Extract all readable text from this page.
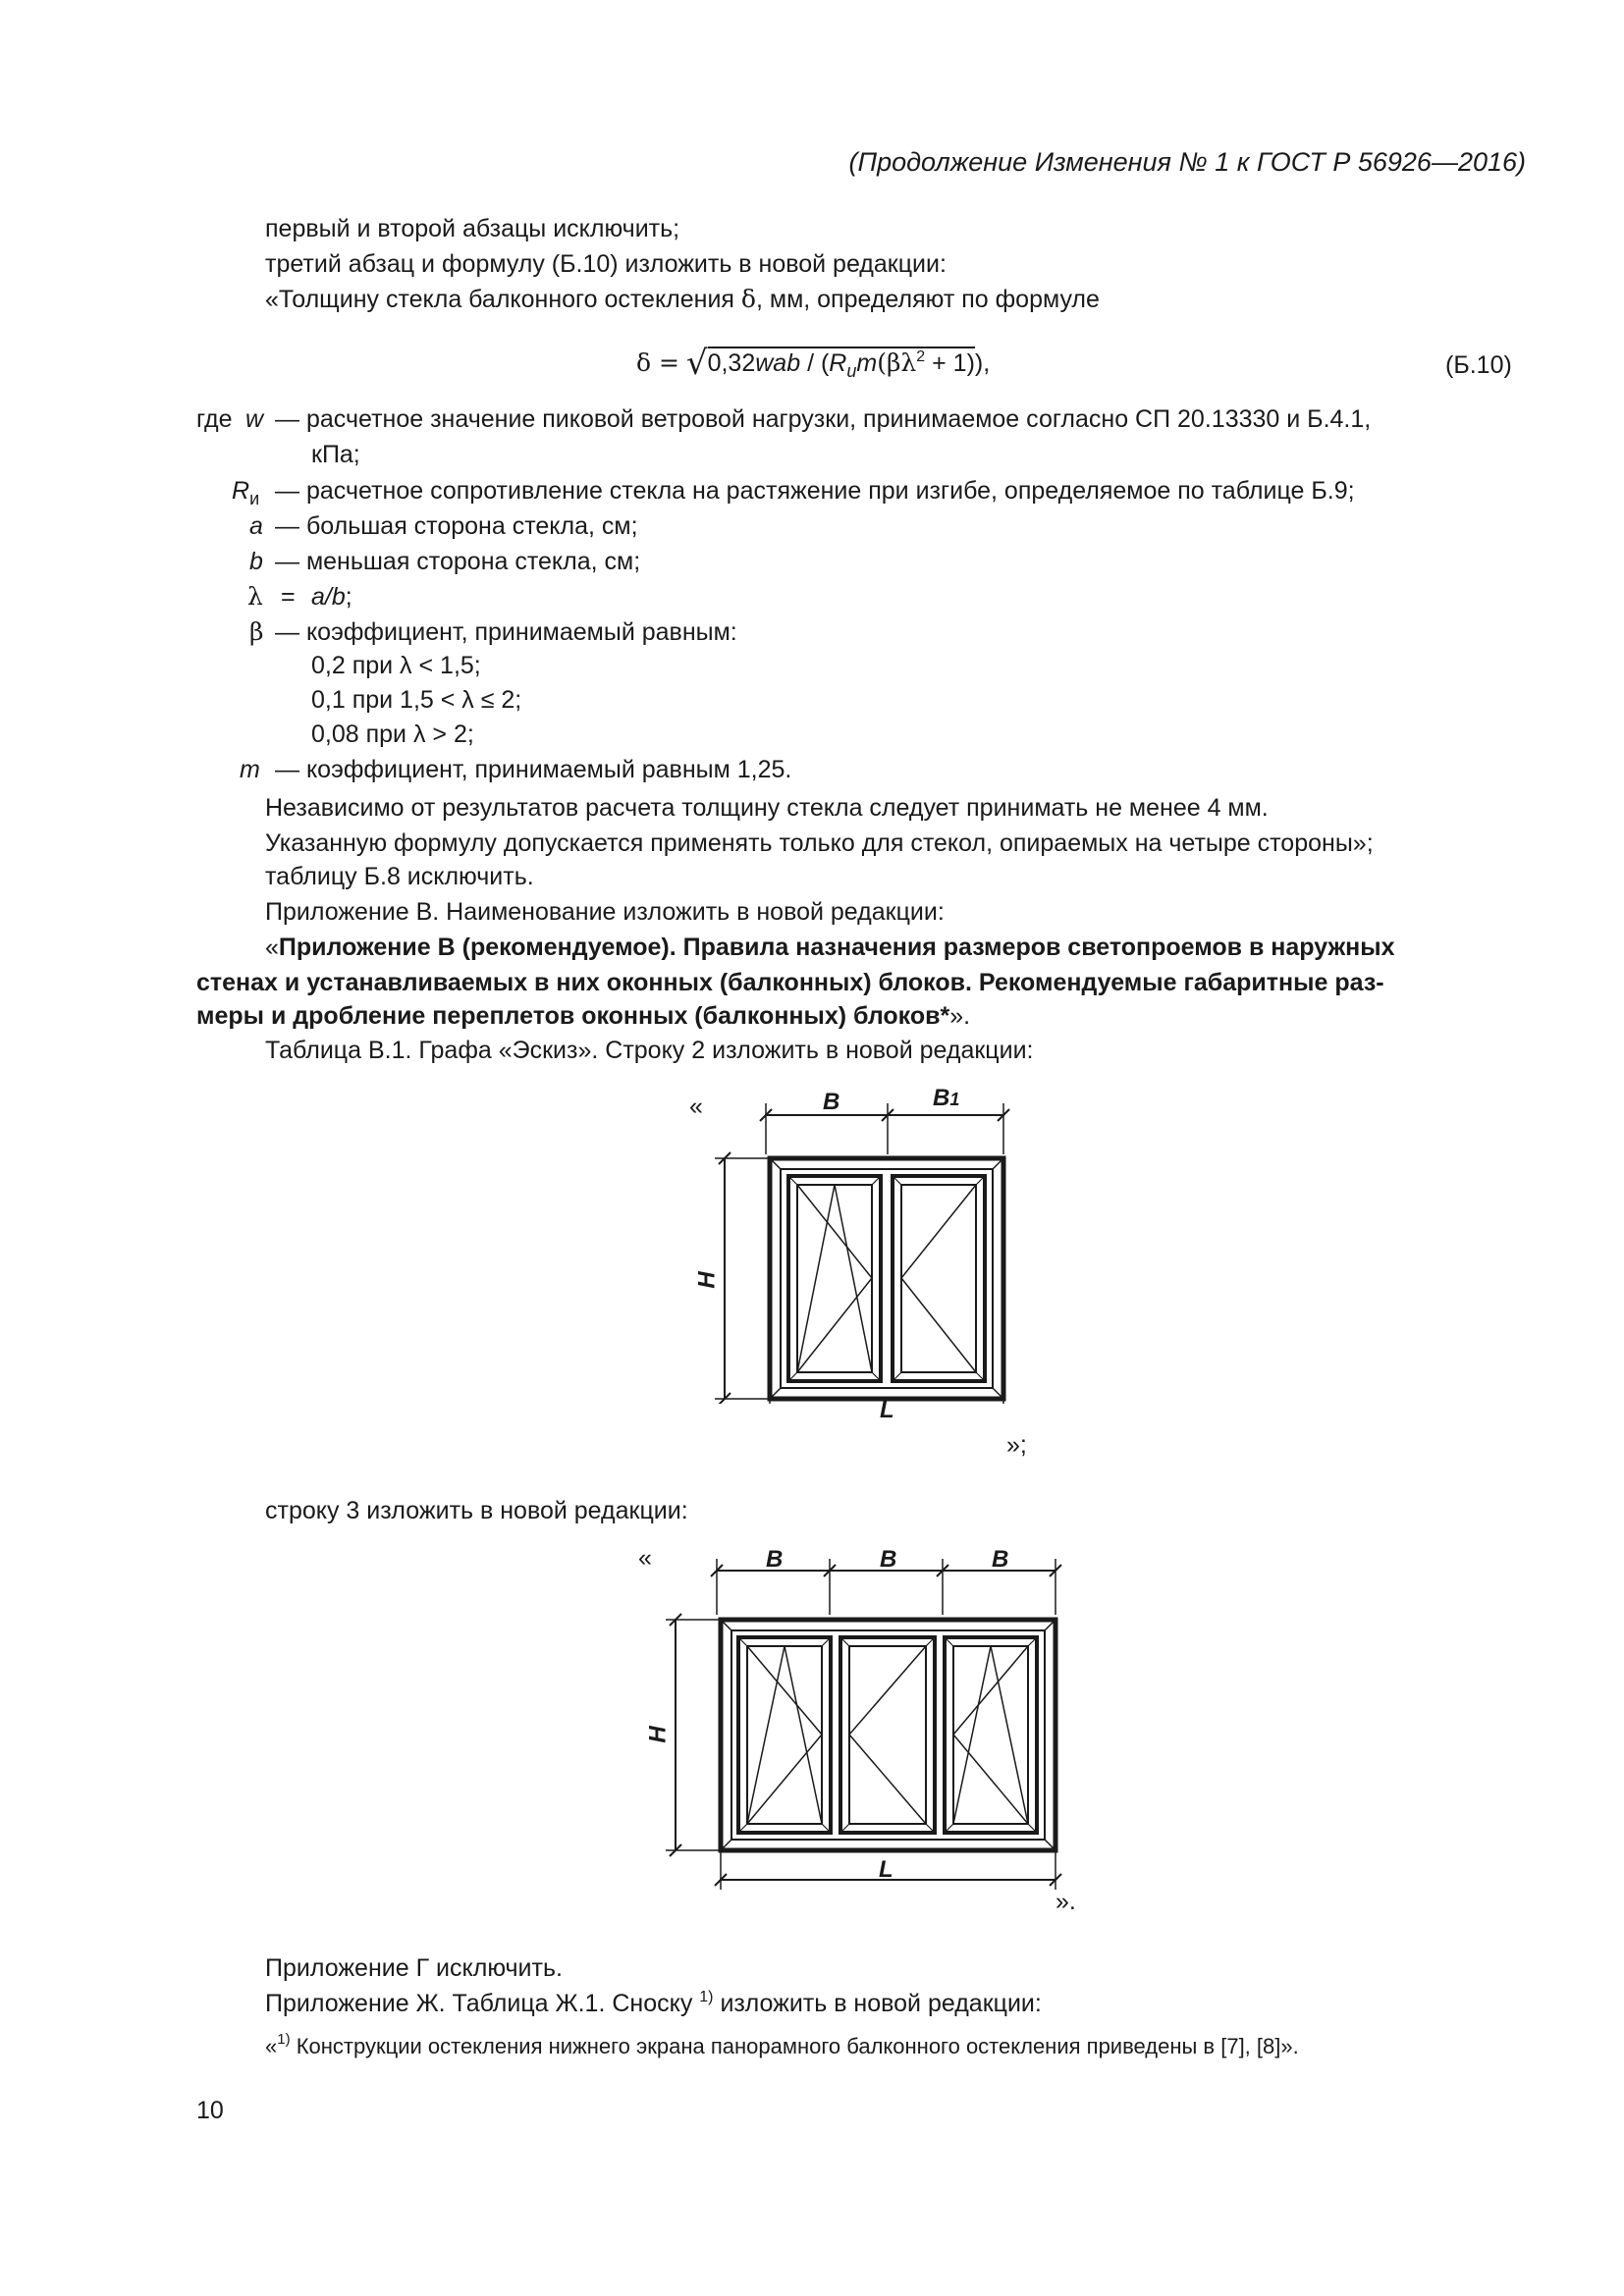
(Продолжение Изменения № 1 к ГОСТ Р 56926—2016)
первый и второй абзацы исключить;
третий абзац и формулу (Б.10) изложить в новой редакции:
«Толщину стекла балконного остекления δ, мм, определяют по формуле
$\delta = √0,32wab / (R_иm(\beta\lambda^2 + 1))$,	(Б.10)
где w — расчетное значение пиковой ветровой нагрузки, принимаемое согласно СП 20.13330 и Б.4.1,
кПа;
$R_и$ — расчетное сопротивление стекла на растяжение при изгибе, определяемое по таблице Б.9;
a — большая сторона стекла, см;
b — меньшая сторона стекла, см;
λ = a/b;
β — коэффициент, принимаемый равным:
0,2 при λ < 1,5;
0,1 при 1,5 < λ ≤ 2;
0,08 при λ > 2;
m — коэффициент, принимаемый равным 1,25.
Независимо от результатов расчета толщину стекла следует принимать не менее 4 мм.
Указанную формулу допускается применять только для стекол, опираемых на четыре стороны»;
таблицу Б.8 исключить.
Приложение В. Наименование изложить в новой редакции:
«Приложение В (рекомендуемое). Правила назначения размеров светопроемов в наружных
стенах и устанавливаемых в них оконных (балконных) блоков. Рекомендуемые габаритные раз-
меры и дробление переплетов оконных (балконных) блоков*».
Таблица В.1. Графа «Эскиз». Строку 2 изложить в новой редакции:
«	B	B1
H
L
»;
строку 3 изложить в новой редакции:
«	B	B	B
H
L
».
Приложение Г исключить.
Приложение Ж. Таблица Ж.1. Сноску $^{1)}$ изложить в новой редакции:
«$^{1)}$ Конструкции остекления нижнего экрана панорамного балконного остекления приведены в [7], [8]».
10
